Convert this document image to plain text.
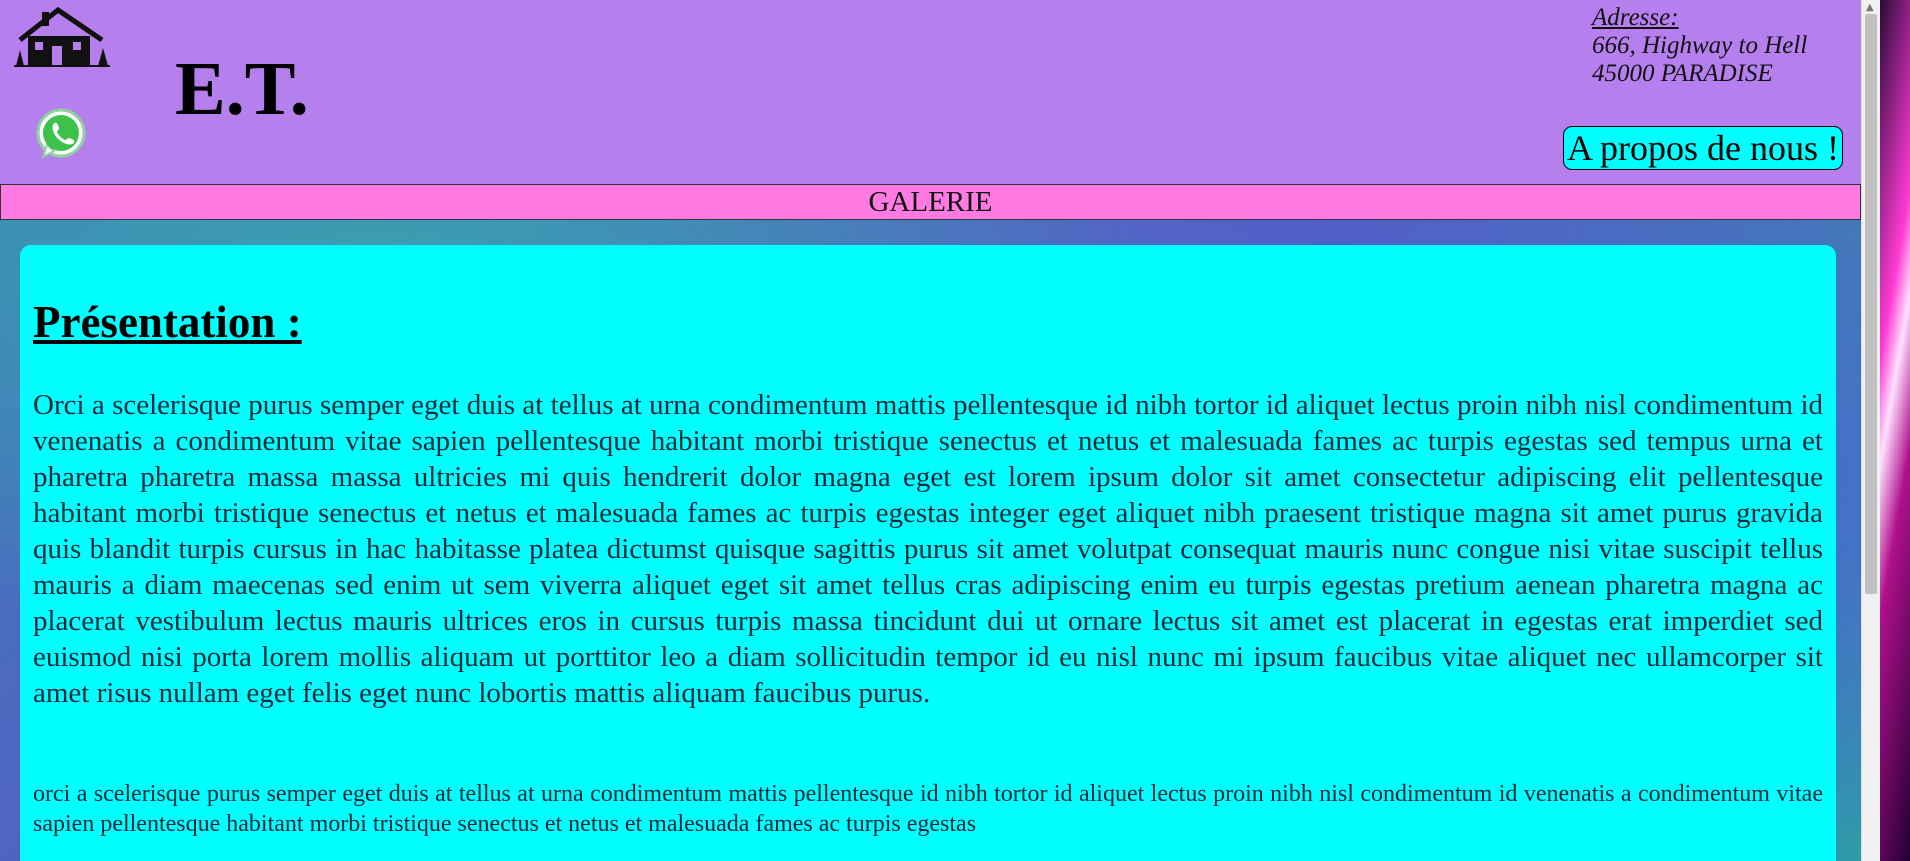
E.T.
Adresse:
666, Highway to Hell
45000 PARADISE
A propos de nous !
GALERIE
Présentation :

Orci a scelerisque purus semper eget duis at tellus at urna condimentum mattis pellentesque id nibh tortor id aliquet lectus proin nibh nisl condimentum id venenatis a condimentum vitae sapien pellentesque habitant morbi tristique senectus et netus et malesuada fames ac turpis egestas sed tempus urna et pharetra pharetra massa massa ultricies mi quis hendrerit dolor magna eget est lorem ipsum dolor sit amet consectetur adipiscing elit pellentesque habitant morbi tristique senectus et netus et malesuada fames ac turpis egestas integer eget aliquet nibh praesent tristique magna sit amet purus gravida quis blandit turpis cursus in hac habitasse platea dictumst quisque sagittis purus sit amet volutpat consequat mauris nunc congue nisi vitae suscipit tellus mauris a diam maecenas sed enim ut sem viverra aliquet eget sit amet tellus cras adipiscing enim eu turpis egestas pretium aenean pharetra magna ac placerat vestibulum lectus mauris ultrices eros in cursus turpis massa tincidunt dui ut ornare lectus sit amet est placerat in egestas erat imperdiet sed euismod nisi porta lorem mollis aliquam ut porttitor leo a diam sollicitudin tempor id eu nisl nunc mi ipsum faucibus vitae aliquet nec ullamcorper sit amet risus nullam eget felis eget nunc lobortis mattis aliquam faucibus purus.

orci a scelerisque purus semper eget duis at tellus at urna condimentum mattis pellentesque id nibh tortor id aliquet lectus proin nibh nisl condimentum id venenatis a condimentum vitae sapien pellentesque habitant morbi tristique senectus et netus et malesuada fames ac turpis egestas

▲
